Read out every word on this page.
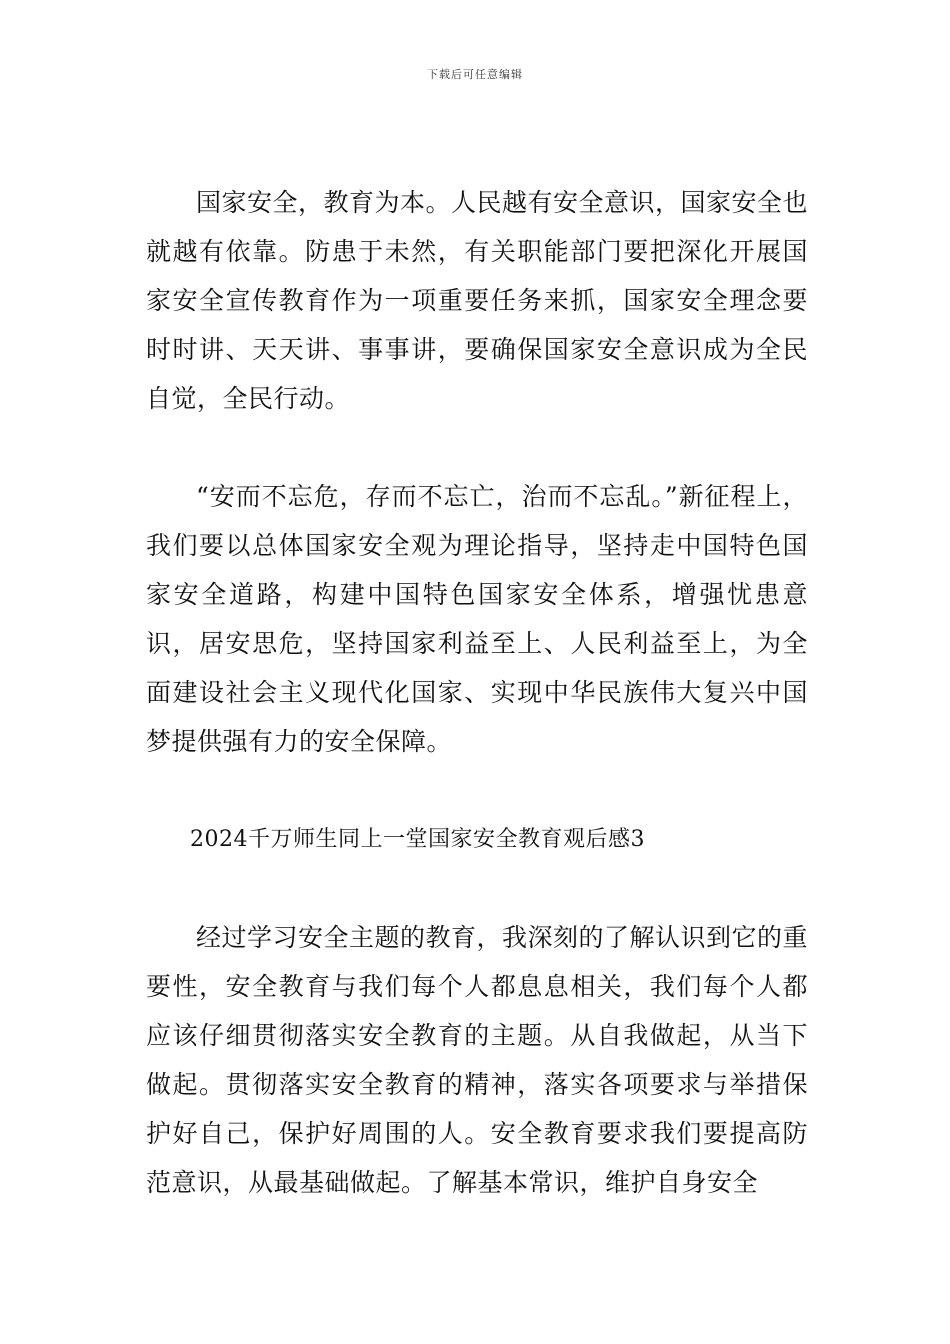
下载后可任意编辑

国家安全，教育为本。人民越有安全意识，国家安全也就越有依靠。防患于未然，有关职能部门要把深化开展国家安全宣传教育作为一项重要任务来抓，国家安全理念要时时讲、天天讲、事事讲，要确保国家安全意识成为全民自觉，全民行动。

“安而不忘危，存而不忘亡，治而不忘乱。”新征程上，我们要以总体国家安全观为理论指导，坚持走中国特色国家安全道路，构建中国特色国家安全体系，增强忧患意识，居安思危，坚持国家利益至上、人民利益至上，为全面建设社会主义现代化国家、实现中华民族伟大复兴中国梦提供强有力的安全保障。

2024千万师生同上一堂国家安全教育观后感3

经过学习安全主题的教育，我深刻的了解认识到它的重要性，安全教育与我们每个人都息息相关，我们每个人都应该仔细贯彻落实安全教育的主题。从自我做起，从当下做起。贯彻落实安全教育的精神，落实各项要求与举措保护好自己，保护好周围的人。安全教育要求我们要提高防范意识，从最基础做起。了解基本常识，维护自身安全
